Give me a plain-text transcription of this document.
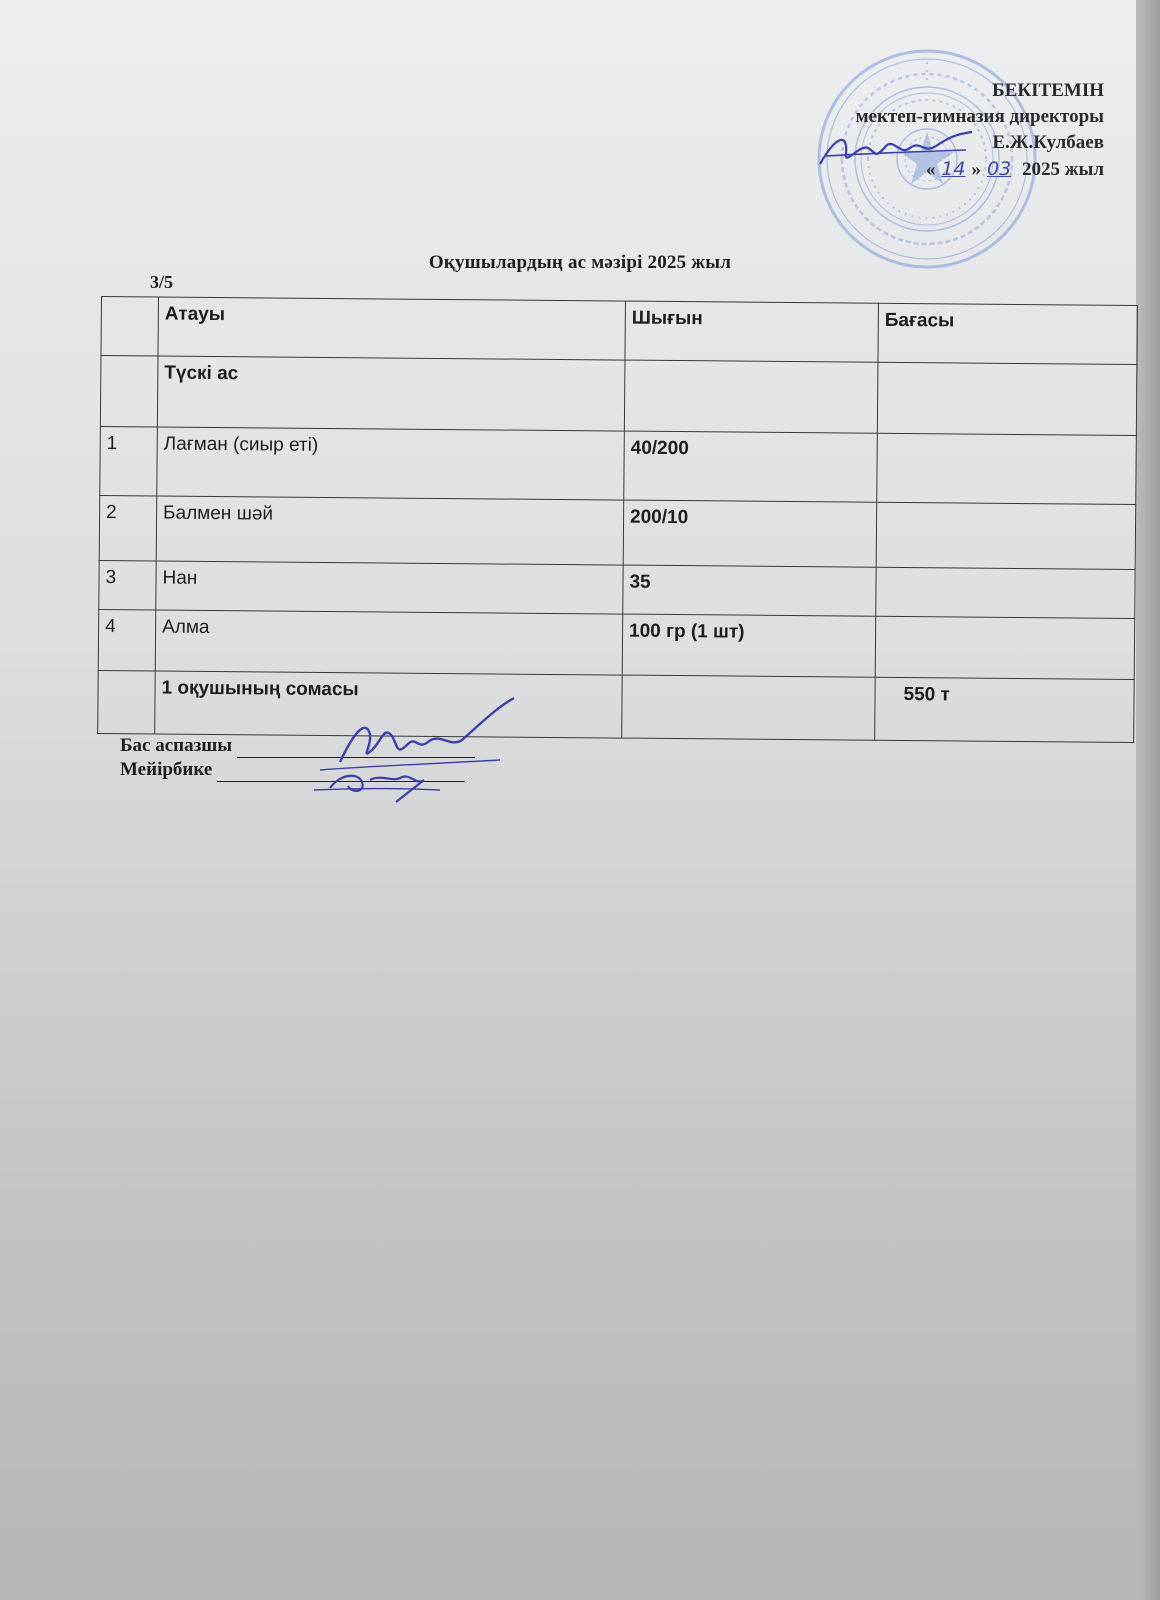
БЕКІТЕМІН
мектеп-гимназия директоры
Е.Ж.Кулбаев
« 14 » 03 2025 жыл
Оқушылардың ас мәзірі 2025 жыл
3/5
	Атауы	Шығын	Бағасы
	Түскі ас		
1	Лағман (сиыр еті)	40/200	
2	Балмен шәй	200/10	
3	Нан	35	
4	Алма	100 гр (1 шт)	
	1 оқушының сомасы		550 т
Бас аспазшы
Мейірбике
